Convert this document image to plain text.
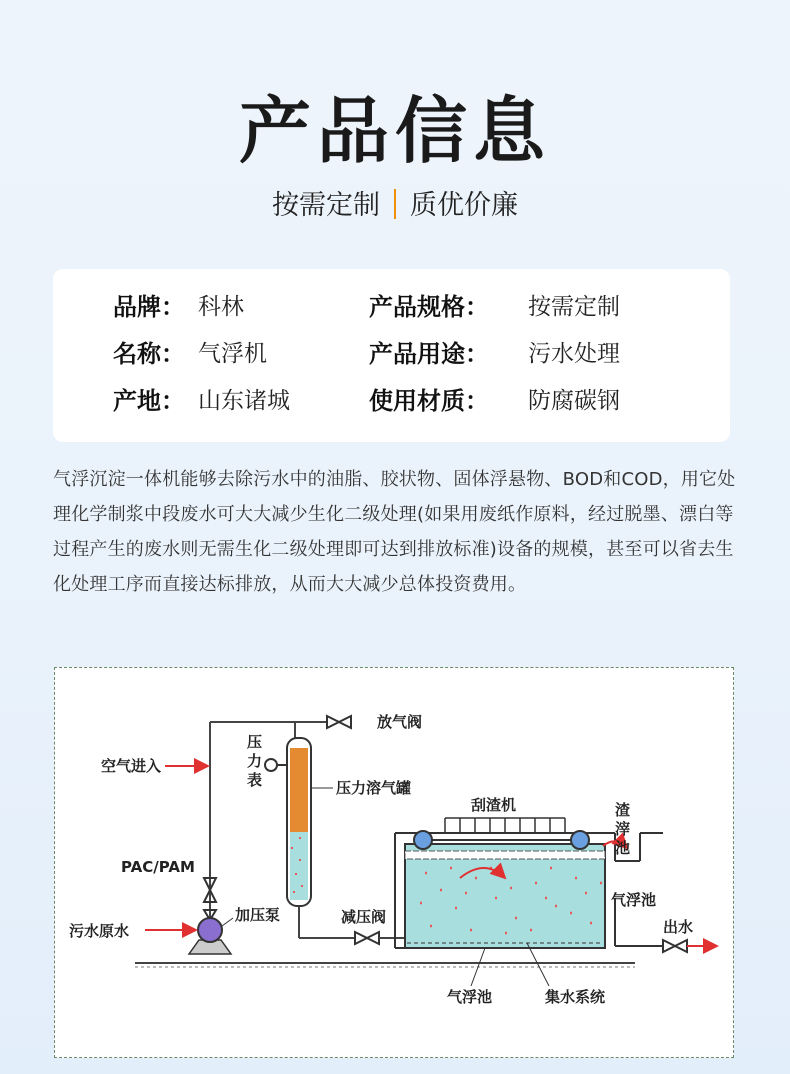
产品信息
按需定制 质优价廉
品牌： 科林	产品规格：	按需定制
名称： 气浮机	产品用途：	污水处理
产地： 山东诸城	使用材质：	防腐碳钢
气浮沉淀一体机能够去除污水中的油脂、胶状物、固体浮悬物、BOD和COD，用它处理化学制浆中段废水可大大减少生化二级处理(如果用废纸作原料，经过脱墨、漂白等过程产生的废水则无需生化二级处理即可达到排放标准)设备的规模，甚至可以省去生化处理工序而直接达标排放，从而大大减少总体投资费用。
放气阀
压
力
表
空气进入
压力溶气罐
刮渣机	渣
滓
池
PAC/PAM
气浮池
加压泵	减压阀
污水原水	出水
气浮池	集水系统
